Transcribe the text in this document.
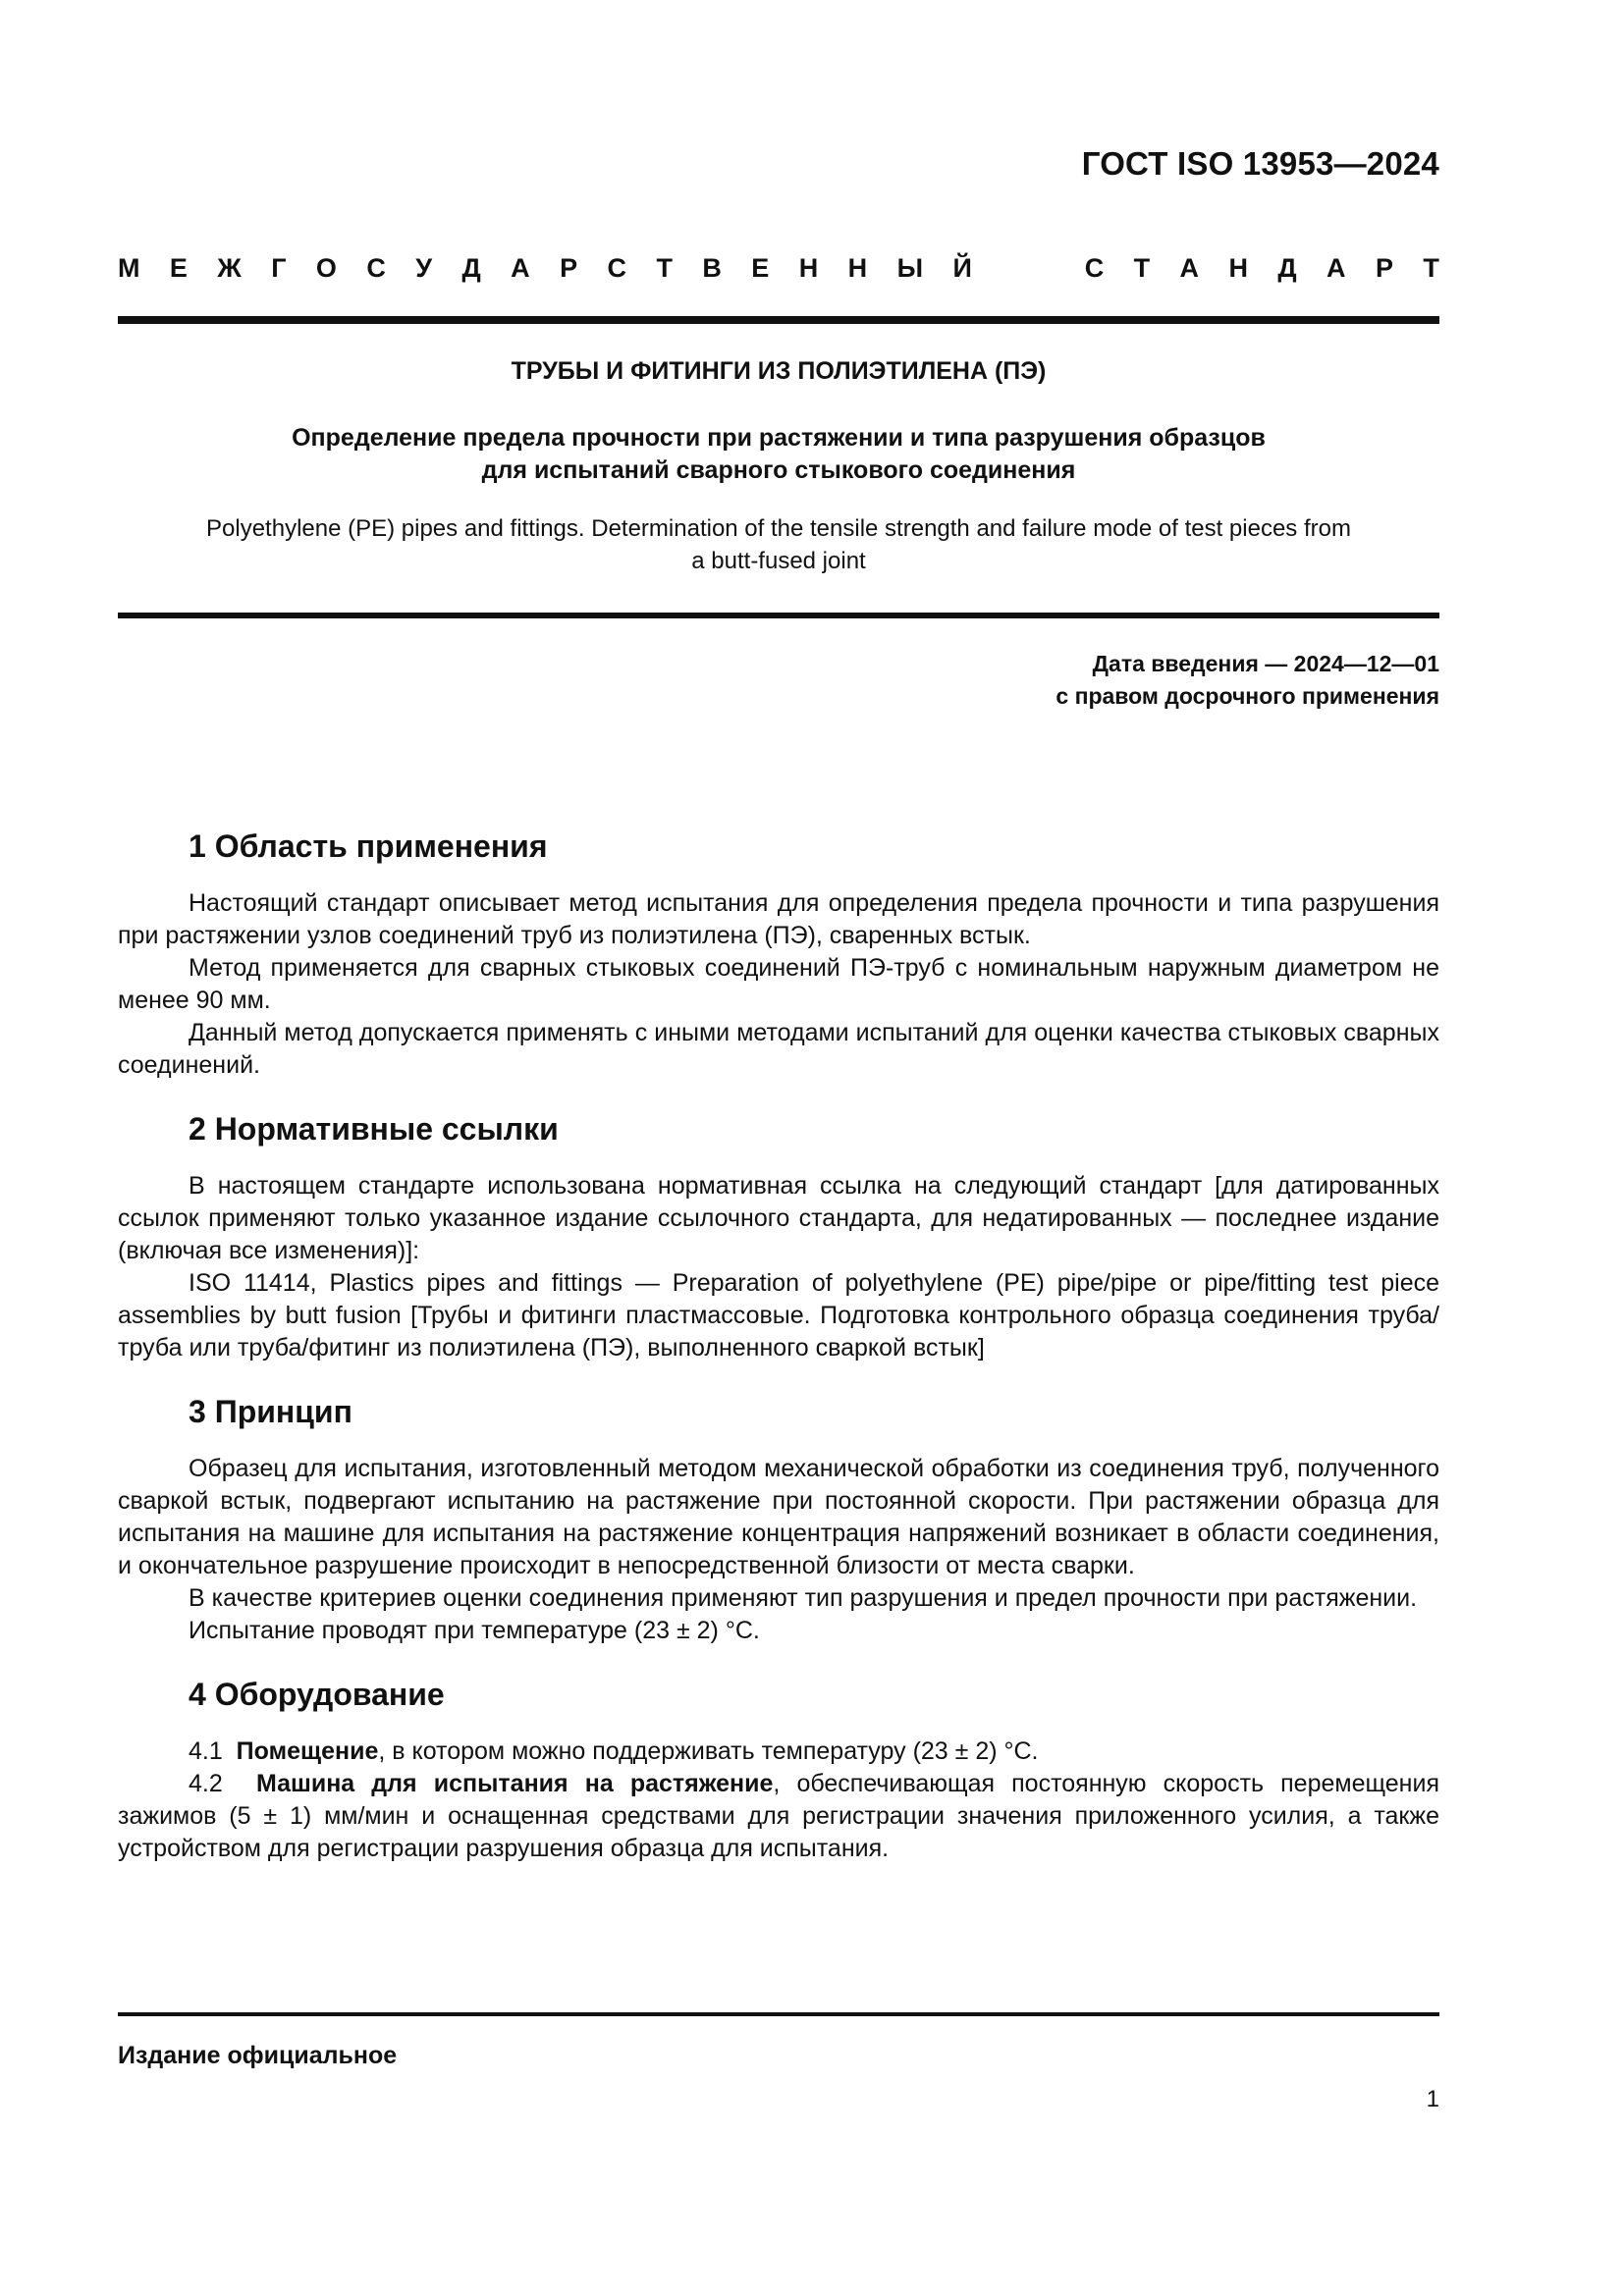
ГОСТ ISO 13953—2024
М Е Ж Г О С У Д А Р С Т В Е Н Н Ы Й	С Т А Н Д А Р Т
ТРУБЫ И ФИТИНГИ ИЗ ПОЛИЭТИЛЕНА (ПЭ)
Определение предела прочности при растяжении и типа разрушения образцов
для испытаний сварного стыкового соединения
Polyethylene (PE) pipes and fittings. Determination of the tensile strength and failure mode of test pieces from
a butt-fused joint
Дата введения — 2024—12—01
с правом досрочного применения
1 Область применения

Настоящий стандарт описывает метод испытания для определения предела прочности и типа разрушения при растяжении узлов соединений труб из полиэтилена (ПЭ), сваренных встык.

Метод применяется для сварных стыковых соединений ПЭ-труб с номинальным наружным диаметром не менее 90 мм.

Данный метод допускается применять с иными методами испытаний для оценки качества стыковых сварных соединений.

2 Нормативные ссылки

В настоящем стандарте использована нормативная ссылка на следующий стандарт [для датированных ссылок применяют только указанное издание ссылочного стандарта, для недатированных — последнее издание (включая все изменения)]:

ISO 11414, Plastics pipes and fittings — Preparation of polyethylene (PE) pipe/pipe or pipe/fitting test piece assemblies by butt fusion [Трубы и фитинги пластмассовые. Подготовка контрольного образца соединения труба/труба или труба/фитинг из полиэтилена (ПЭ), выполненного сваркой встык]

3 Принцип

Образец для испытания, изготовленный методом механической обработки из соединения труб, полученного сваркой встык, подвергают испытанию на растяжение при постоянной скорости. При растяжении образца для испытания на машине для испытания на растяжение концентрация напряжений возникает в области соединения, и окончательное разрушение происходит в непосредственной близости от места сварки.

В качестве критериев оценки соединения применяют тип разрушения и предел прочности при растяжении.

Испытание проводят при температуре (23 ± 2) °С.

4 Оборудование

4.1 Помещение, в котором можно поддерживать температуру (23 ± 2) °С.

4.2 Машина для испытания на растяжение, обеспечивающая постоянную скорость перемещения зажимов (5 ± 1) мм/мин и оснащенная средствами для регистрации значения приложенного усилия, а также устройством для регистрации разрушения образца для испытания.

Издание официальное
1
